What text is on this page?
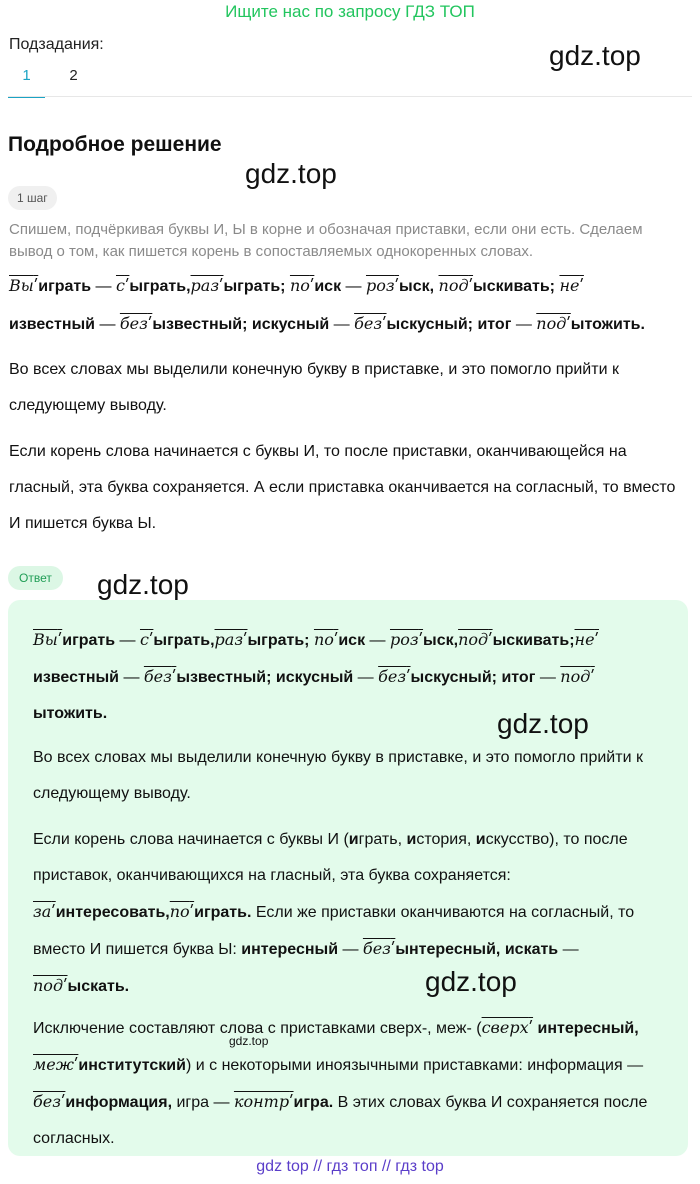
Ищите нас по запросу ГДЗ ТОП
Подзадания:
1	2
gdz.top
Подробное решение
gdz.top
1 шаг
Спишем, подчёркивая буквы И, Ы в корне и обозначая приставки, если они есть. Сделаем вывод о том, как пишется корень в сопоставляемых однокоренных словах.
Выʹиграть — сʹыграть,разʹыграть; поʹиск — розʹыск, подʹыскивать; неʹ
известный — безʹызвестный; искусный — безʹыскусный; итог — подʹытожить.
Во всех словах мы выделили конечную букву в приставке, и это помогло прийти к следующему выводу.
Если корень слова начинается с буквы И, то после приставки, оканчивающейся на гласный, эта буква сохраняется. А если приставка оканчивается на согласный, то вместо И пишется буква Ы.
Ответ	gdz.top
Выʹиграть — сʹыграть,разʹыграть; поʹиск — розʹыск,подʹыскивать;неʹ
известный — безʹызвестный; искусный — безʹыскусный; итог — подʹ
ытожить.	gdz.top
Во всех словах мы выделили конечную букву в приставке, и это помогло прийти к следующему выводу.
Если корень слова начинается с буквы И (играть, история, искусство), то после приставок, оканчивающихся на гласный, эта буква сохраняется: заʹинтересовать,поʹиграть. Если же приставки оканчиваются на согласный, то вместо И пишется буква Ы: интересный — безʹынтересный, искать — подʹыскать.	gdz.top
gdz.top
Исключение составляют слова с приставками сверх-, меж- (сверхʹ интересный, межʹинститутский) и с некоторыми иноязычными приставками: информация — безʹинформация, игра — контрʹигра. В этих словах буква И сохраняется после согласных.
gdz top // гдз топ // гдз top
